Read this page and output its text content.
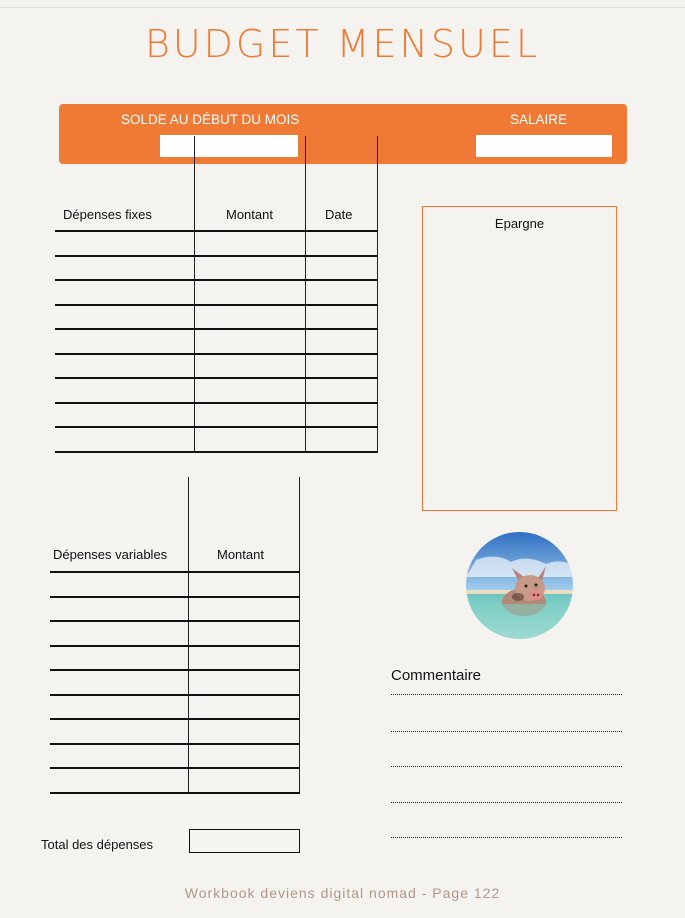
BUDGET MENSUEL
SOLDE AU DÉBUT DU MOIS	SALAIRE
Dépenses fixes	Montant	Date
Epargne
Dépenses variables	Montant
Commentaire
Total des dépenses
Workbook deviens digital nomad - Page 122
